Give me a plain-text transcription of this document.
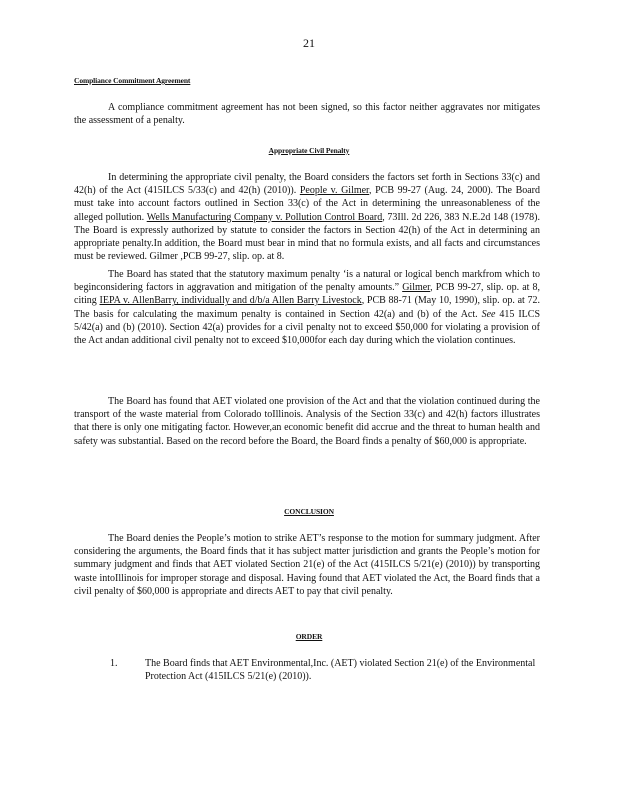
21
Compliance Commitment Agreement

A compliance commitment agreement has not been signed, so this factor neither aggravates nor mitigates the assessment of a penalty.

Appropriate Civil Penalty

In determining the appropriate civil penalty, the Board considers the factors set forth in Sections 33(c) and 42(h) of the Act (415ILCS 5/33(c) and 42(h) (2010)). People v. Gilmer, PCB 99-27 (Aug. 24, 2000). The Board must take into account factors outlined in Section 33(c) of the Act in determining the unreasonableness of the alleged pollution. Wells Manufacturing Company v. Pollution Control Board, 73Ill. 2d 226, 383 N.E.2d 148 (1978). The Board is expressly authorized by statute to consider the factors in Section 42(h) of the Act in determining an appropriate penalty.In addition, the Board must bear in mind that no formula exists, and all facts and circumstances must be reviewed. Gilmer ,PCB 99-27, slip. op. at 8.

The Board has stated that the statutory maximum penalty ‘is a natural or logical bench markfrom which to beginconsidering factors in aggravation and mitigation of the penalty amounts.” Gilmer, PCB 99-27, slip. op. at 8, citing IEPA v. AllenBarry, individually and d/b/a Allen Barry Livestock, PCB 88-71 (May 10, 1990), slip. op. at 72. The basis for calculating the maximum penalty is contained in Section 42(a) and (b) of the Act. See 415 ILCS 5/42(a) and (b) (2010). Section 42(a) provides for a civil penalty not to exceed $50,000 for violating a provision of the Act andan additional civil penalty not to exceed $10,000for each day during which the violation continues.

The Board has found that AET violated one provision of the Act and that the violation continued during the transport of the waste material from Colorado toIllinois. Analysis of the Section 33(c) and 42(h) factors illustrates that there is only one mitigating factor. However,an economic benefit did accrue and the threat to human health and safety was substantial. Based on the record before the Board, the Board finds a penalty of $60,000 is appropriate.

CONCLUSION

The Board denies the People’s motion to strike AET’s response to the motion for summary judgment. After considering the arguments, the Board finds that it has subject matter jurisdiction and grants the People’s motion for summary judgment and finds that AET violated Section 21(e) of the Act (415ILCS 5/21(e) (2010)) by transporting waste intoIllinois for improper storage and disposal. Having found that AET violated the Act, the Board finds that a civil penalty of $60,000 is appropriate and directs AET to pay that civil penalty.

ORDER
1.	The Board finds that AET Environmental,Inc. (AET) violated Section 21(e) of the Environmental Protection Act (415ILCS 5/21(e) (2010)).
